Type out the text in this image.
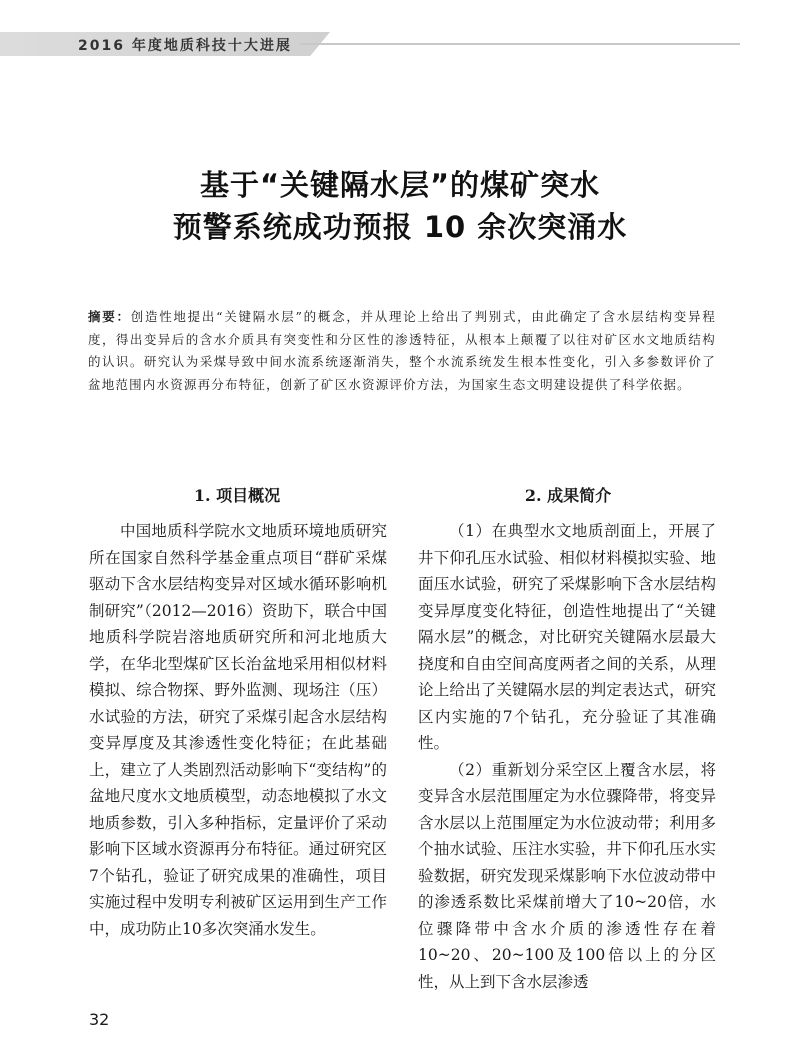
2016 年度地质科技十大进展
基于“关键隔水层”的煤矿突水
预警系统成功预报 10 余次突涌水
摘要：创造性地提出“关键隔水层”的概念，并从理论上给出了判别式，由此确定了含水层结构变异程度，得出变异后的含水介质具有突变性和分区性的渗透特征，从根本上颠覆了以往对矿区水文地质结构的认识。研究认为采煤导致中间水流系统逐渐消失，整个水流系统发生根本性变化，引入多参数评价了盆地范围内水资源再分布特征，创新了矿区水资源评价方法，为国家生态文明建设提供了科学依据。
1. 项目概况	2. 成果简介

中国地质科学院水文地质环境地质研究所在国家自然科学基金重点项目“群矿采煤驱动下含水层结构变异对区域水循环影响机制研究”（2012—2016）资助下，联合中国地质科学院岩溶地质研究所和河北地质大学，在华北型煤矿区长治盆地采用相似材料模拟、综合物探、野外监测、现场注（压）水试验的方法，研究了采煤引起含水层结构变异厚度及其渗透性变化特征；在此基础上，建立了人类剧烈活动影响下“变结构”的盆地尺度水文地质模型，动态地模拟了水文地质参数，引入多种指标，定量评价了采动影响下区域水资源再分布特征。通过研究区7个钻孔，验证了研究成果的准确性，项目实施过程中发明专利被矿区运用到生产工作中，成功防止10多次突涌水发生。

（1）在典型水文地质剖面上，开展了井下仰孔压水试验、相似材料模拟实验、地面压水试验，研究了采煤影响下含水层结构变异厚度变化特征，创造性地提出了“关键隔水层”的概念，对比研究关键隔水层最大挠度和自由空间高度两者之间的关系，从理论上给出了关键隔水层的判定表达式，研究区内实施的7个钻孔，充分验证了其准确性。

（2）重新划分采空区上覆含水层，将变异含水层范围厘定为水位骤降带，将变异含水层以上范围厘定为水位波动带；利用多个抽水试验、压注水实验，井下仰孔压水实验数据，研究发现采煤影响下水位波动带中的渗透系数比采煤前增大了10~20倍，水位骤降带中含水介质的渗透性存在着10~20、20~100及100倍以上的分区性，从上到下含水层渗透

32
